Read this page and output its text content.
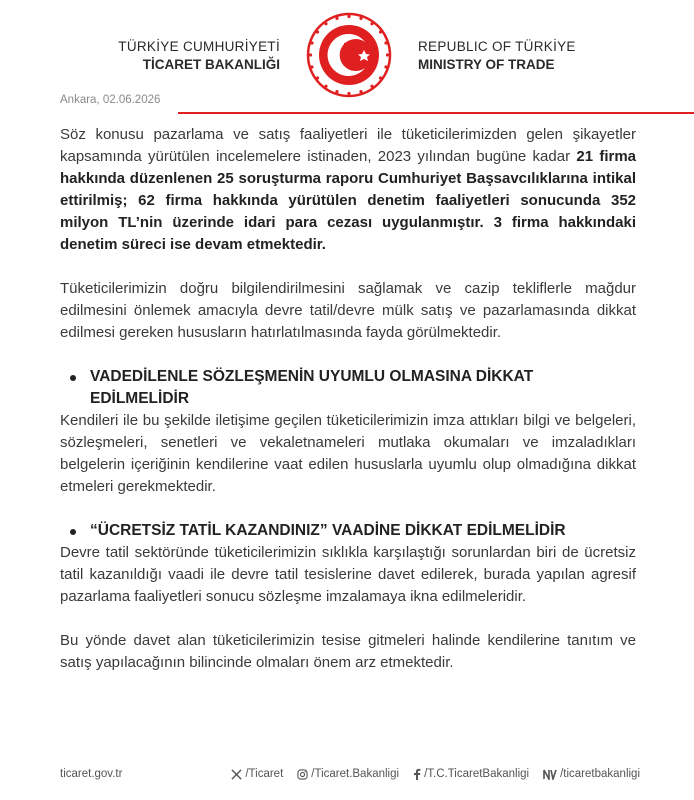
TÜRKİYE CUMHURİYETİ
TİCARET BAKANLIĞI
REPUBLIC OF TÜRKİYE
MINISTRY OF TRADE
Ankara, 02.06.2026

Söz konusu pazarlama ve satış faaliyetleri ile tüketicilerimizden gelen şikayetler kapsamında yürütülen incelemelere istinaden, 2023 yılından bugüne kadar 21 firma hakkında düzenlenen 25 soruşturma raporu Cumhuriyet Başsavcılıklarına intikal ettirilmiş; 62 firma hakkında yürütülen denetim faaliyetleri sonucunda 352 milyon TL’nin üzerinde idari para cezası uygulanmıştır. 3 firma hakkındaki denetim süreci ise devam etmektedir.

Tüketicilerimizin doğru bilgilendirilmesini sağlamak ve cazip tekliflerle mağdur edilmesini önlemek amacıyla devre tatil/devre mülk satış ve pazarlamasında dikkat edilmesi gereken hususların hatırlatılmasında fayda görülmektedir.

VADEDİLENLE SÖZLEŞMENİN UYUMLU OLMASINA DİKKAT EDİLMELİDİR

Kendileri ile bu şekilde iletişime geçilen tüketicilerimizin imza attıkları bilgi ve belgeleri, sözleşmeleri, senetleri ve vekaletnameleri mutlaka okumaları ve imzaladıkları belgelerin içeriğinin kendilerine vaat edilen hususlarla uyumlu olup olmadığına dikkat etmeleri gerekmektedir.

“ÜCRETSİZ TATİL KAZANDINIZ” VAADİNE DİKKAT EDİLMELİDİR

Devre tatil sektöründe tüketicilerimizin sıklıkla karşılaştığı sorunlardan biri de ücretsiz tatil kazanıldığı vaadi ile devre tatil tesislerine davet edilerek, burada yapılan agresif pazarlama faaliyetleri sonucu sözleşme imzalamaya ikna edilmeleridir.

Bu yönde davet alan tüketicilerimizin tesise gitmeleri halinde kendilerine tanıtım ve satış yapılacağının bilincinde olmaları önem arz etmektedir.

ticaret.gov.tr	/Ticaret /Ticaret.Bakanligi /T.C.TicaretBakanligi	/ticaretbakanligi
